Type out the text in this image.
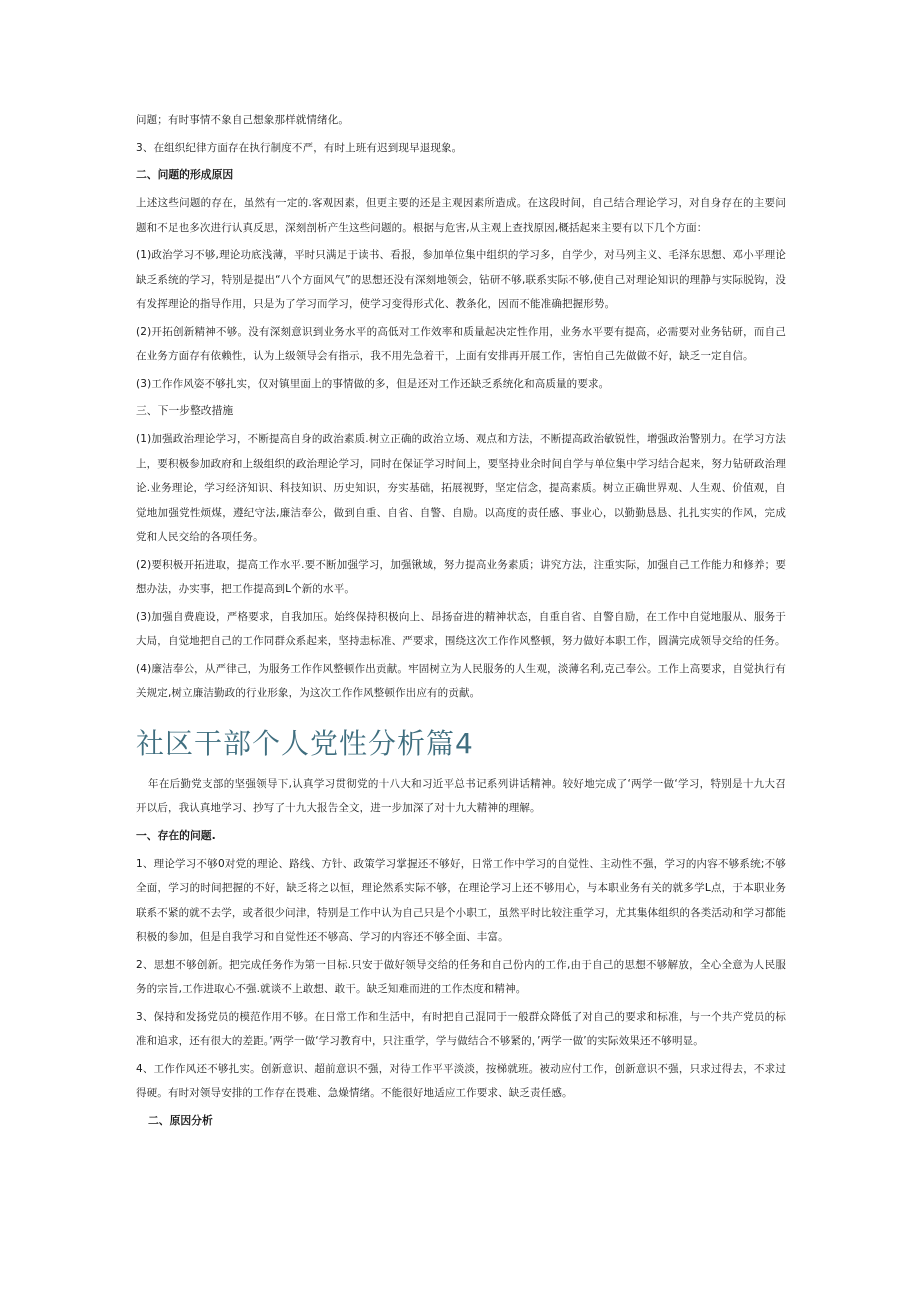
问题；有时事情不象自己想象那样就情绪化。

3、在组织纪律方面存在执行制度不严，有时上班有迟到现早退现象。

二、问题的形成原因

上述这些问题的存在，虽然有一定的.客观因素，但更主要的还是主观因素所造成。在这段时间，自己结合理论学习，对自身存在的主要问题和不足也多次进行认真反思，深刻剖析产生这些问题的。根据与危害,从主观上查找原因,概括起来主要有以下几个方面：

(1)政治学习不够,理论功底浅薄，平时只满足于读书、看报，参加单位集中组织的学习多，自学少，对马列主义、毛泽东思想、邓小平理论缺乏系统的学习，特别是提出“八个方面风气”的思想还没有深刻地领会，钻研不够,联系实际不够,使自己对理论知识的理静与实际脱钩，没有发挥理论的指导作用，只是为了学习而学习，使学习变得形式化、教条化，因而不能准确把握形势。

(2)开拓创新精神不够。没有深刻意识到业务水平的高低对工作效率和质量起决定性作用，业务水平要有提高，必需要对业务钻研，而自己在业务方面存有依赖性，认为上级领导会有指示，我不用先急着干，上面有安排再开展工作，害怕自己先做做不好，缺乏一定自信。

(3)工作作风姿不够扎实，仅对镇里面上的事情做的多，但是还对工作还缺乏系统化和高质量的要求。

三、下一步整改措施

(1)加强政治理论学习，不断提高自身的政治素质.树立正确的政治立场、观点和方法，不断提高政治敏锐性，增强政治警别力。在学习方法上，要积极参加政府和上级组织的政治理论学习，同时在保证学习时间上，要坚持业余时间自学与单位集中学习结合起来，努力钻研政治理论.业务理论，学习经济知识、科技知识、历史知识，夯实基础，拓展视野，坚定信念，提高素质。树立正确世界观、人生观、价值观，自觉地加强党性烦煤，遵纪守法,廉洁奉公，做到自重、自省、自警、自励。以高度的责任感、事业心，以勤勤恳恳、扎扎实实的作风，完成党和人民交给的各项任务。

(2)要积极开拓进取，提高工作水平.要不断加强学习，加强锹域，努力提高业务素质；讲究方法，注重实际，加强自己工作能力和修养；要想办法，办实事，把工作提高到L个新的水平。

(3)加强自费鹿设，严格要求，自我加压。始终保持积极向上、昂扬奋进的精神状态，自重自省、自警自励，在工作中自觉地服从、服务于大局，自觉地把自己的工作同群众系起来，坚持恚标准、严要求，围绕这次工作作风整顿，努力做好本职工作，圆满完成领导交给的任务。

(4)廉洁奉公，从严律己，为服务工作作风整顿作出贡献。牢固树立为人民服务的人生观，淡薄名利,克己奉公。工作上高要求，自觉执行有关规定,树立廉洁勤政的行业形象，为这次工作作风整顿作出应有的贡献。

社区干部个人党性分析篇4

年在后勤党支部的坚强领导下,认真学习贯彻党的十八大和习近平总书记系列讲话精神。较好地完成了‘两学一做‘学习，特别是十九大召开以后，我认真地学习、抄写了十九大报告全文，进一步加深了对十九大精神的理解。

一、存在的问题.

1、理论学习不够0对党的理论、路线、方针、政策学习掌握还不够好，日常工作中学习的自觉性、主动性不强，学习的内容不够系统;不够全面，学习的时间把握的不好，缺乏将之以恒，理论然系实际不够，在理论学习上还不够用心，与本职业务有关的就多学L点，于本职业务联系不紧的就不去学，或者很少问津，特别是工作中认为自己只是个小职工，虽然平时比较注重学习，尤其集体组织的各类活动和学习都能积极的参加，但是自我学习和自觉性还不够高、学习的内容还不够全面、丰富。

2、思想不够创新。把完成任务作为第一目标.只安于做好领导交给的任务和自己份内的工作,由于自己的思想不够解放，全心全意为人民服务的宗旨,工作进取心不强.就谈不上敢想、敢干。缺乏知难而进的工作杰度和精神。

3、保持和发扬党员的模范作用不够。在日常工作和生活中，有时把自己混同于一般群众降低了对自己的要求和标准，与一个共产党员的标准和追求，还有很大的差距。’两学一做‘学习教育中，只注重学，学与做结合不够紧的，’两学一做’的实际效果还不够明显。

4、工作作风还不够扎实。创新意识、超前意识不强，对待工作平平淡淡，按梯就班。被动应付工作，创新意识不强，只求过得去，不求过得硬。有时对领导安排的工作存在畏难、急燥情绪。不能很好地适应工作要求、缺乏责任感。

二、原因分析
